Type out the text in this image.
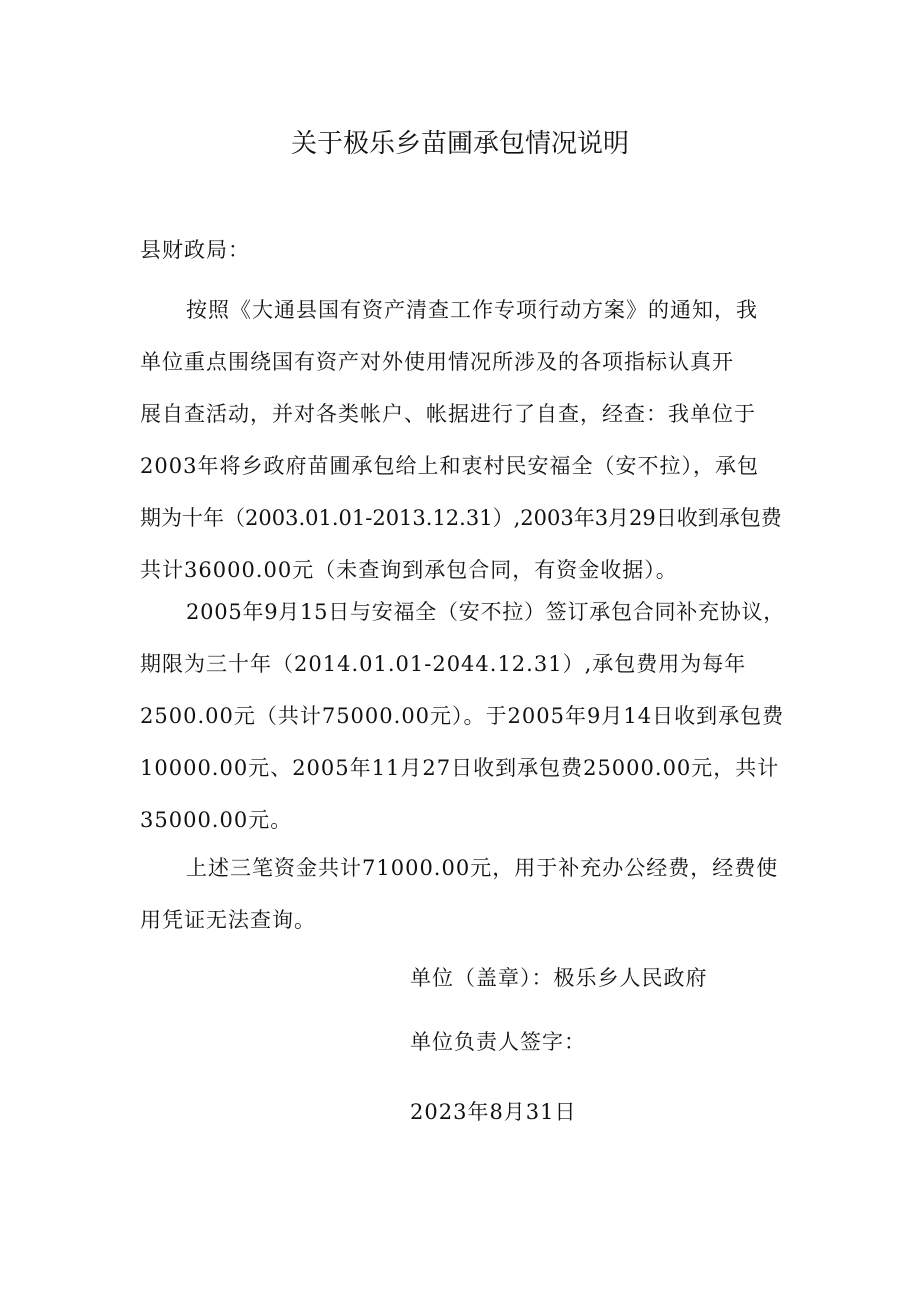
关于极乐乡苗圃承包情况说明

县财政局：

按照《大通县国有资产清查工作专项行动方案》的通知，我
单位重点围绕国有资产对外使用情况所涉及的各项指标认真开
展自查活动，并对各类帐户、帐据进行了自查，经查：我单位于
2003年将乡政府苗圃承包给上和衷村民安福全（安不拉），承包
期为十年（2003.01.01-2013.12.31）,2003年3月29日收到承包费
共计36000.00元（未查询到承包合同，有资金收据）。
2005年9月15日与安福全（安不拉）签订承包合同补充协议，
期限为三十年（2014.01.01-2044.12.31）,承包费用为每年
2500.00元（共计75000.00元）。于2005年9月14日收到承包费
10000.00元、2005年11月27日收到承包费25000.00元，共计
35000.00元。
上述三笔资金共计71000.00元，用于补充办公经费，经费使
用凭证无法查询。

单位（盖章）：极乐乡人民政府

单位负责人签字：

2023年8月31日
